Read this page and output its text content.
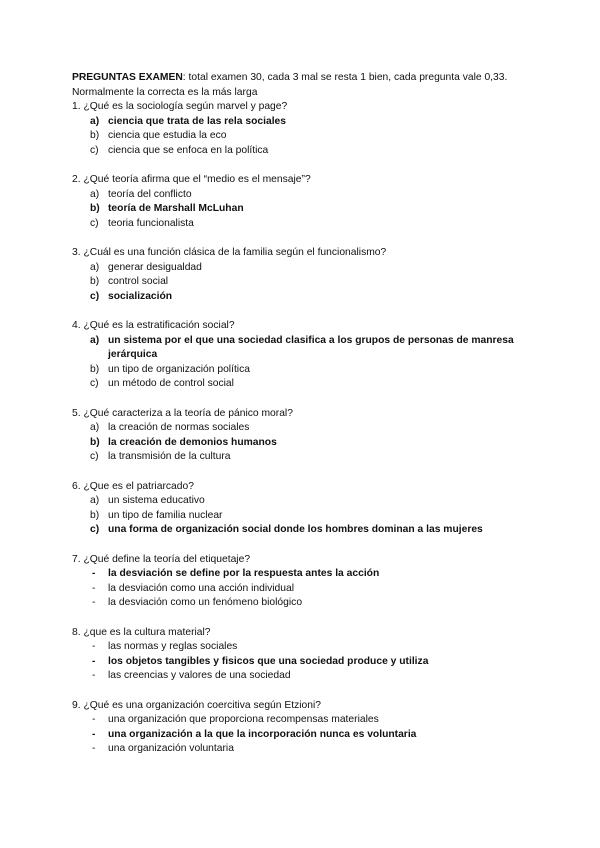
PREGUNTAS EXAMEN: total examen 30, cada 3 mal se resta 1 bien, cada pregunta vale 0,33. Normalmente la correcta es la más larga

1. ¿Qué es la sociología según marvel y page?

a) ciencia que trata de las rela sociales
b) ciencia que estudia la eco
c) ciencia que se enfoca en la política

2. ¿Qué teoría afirma que el “medio es el mensaje”?

a) teoría del conflicto
b) teoría de Marshall McLuhan
c) teoria funcionalista

3. ¿Cuál es una función clásica de la familia según el funcionalismo?

a) generar desigualdad
b) control social
c) socialización

4. ¿Qué es la estratificación social?

a) un sistema por el que una sociedad clasifica a los grupos de personas de manresa jerárquica
b) un tipo de organización política
c) un método de control social

5. ¿Qué caracteriza a la teoría de pánico moral?

a) la creación de normas sociales
b) la creación de demonios humanos
c) la transmisión de la cultura

6. ¿Que es el patriarcado?

a) un sistema educativo
b) un tipo de familia nuclear
c) una forma de organización social donde los hombres dominan a las mujeres

7. ¿Qué define la teoría del etiquetaje?

- la desviación se define por la respuesta antes la acción
- la desviación como una acción individual
- la desviación como un fenómeno biológico

8. ¿que es la cultura material?

- las normas y reglas sociales
- los objetos tangibles y fisicos que una sociedad produce y utiliza
- las creencias y valores de una sociedad

9. ¿Qué es una organización coercitiva según Etzioni?

- una organización que proporciona recompensas materiales
- una organización a la que la incorporación nunca es voluntaria
- una organización voluntaria
